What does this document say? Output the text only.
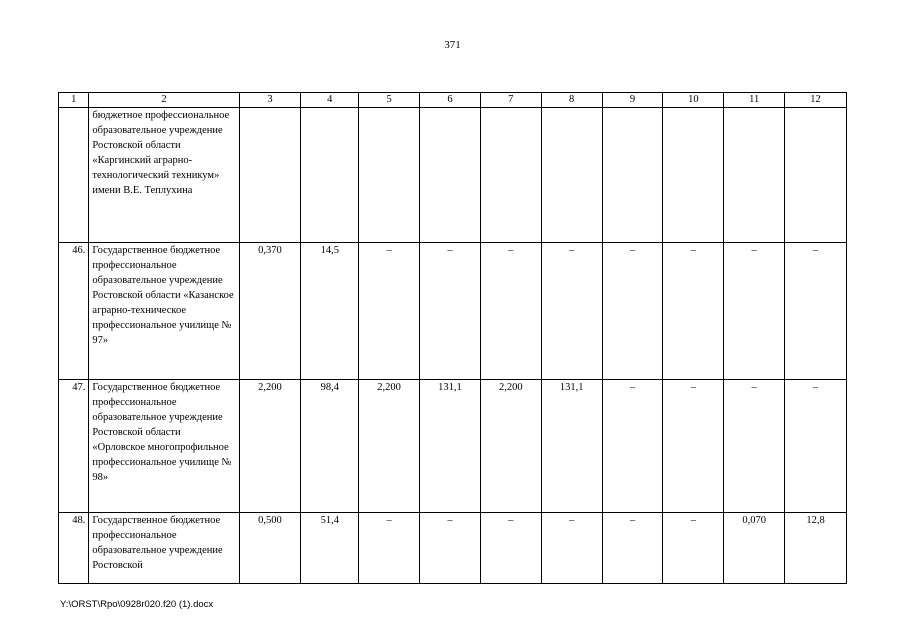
371
1	2	3	4	5	6	7	8	9	10	11	12
	бюджетное профессиональное образовательное учреждение Ростовской области «Каргинский аграрно-технологический техникум» имени В.Е. Теплухина										
46.	Государственное бюджетное профессиональное образовательное учреждение Ростовской области «Казанское аграрно-техническое профессиональное училище № 97»	0,370	14,5	–	–	–	–	–	–	–	–
47.	Государственное бюджетное профессиональное образовательное учреждение Ростовской области «Орловское многопрофильное профессиональное училище № 98»	2,200	98,4	2,200	131,1	2,200	131,1	–	–	–	–
48.	Государственное бюджетное профессиональное образовательное учреждение Ростовской	0,500	51,4	–	–	–	–	–	–	0,070	12,8
Y:\ORST\Rpo\0928r020.f20 (1).docx
